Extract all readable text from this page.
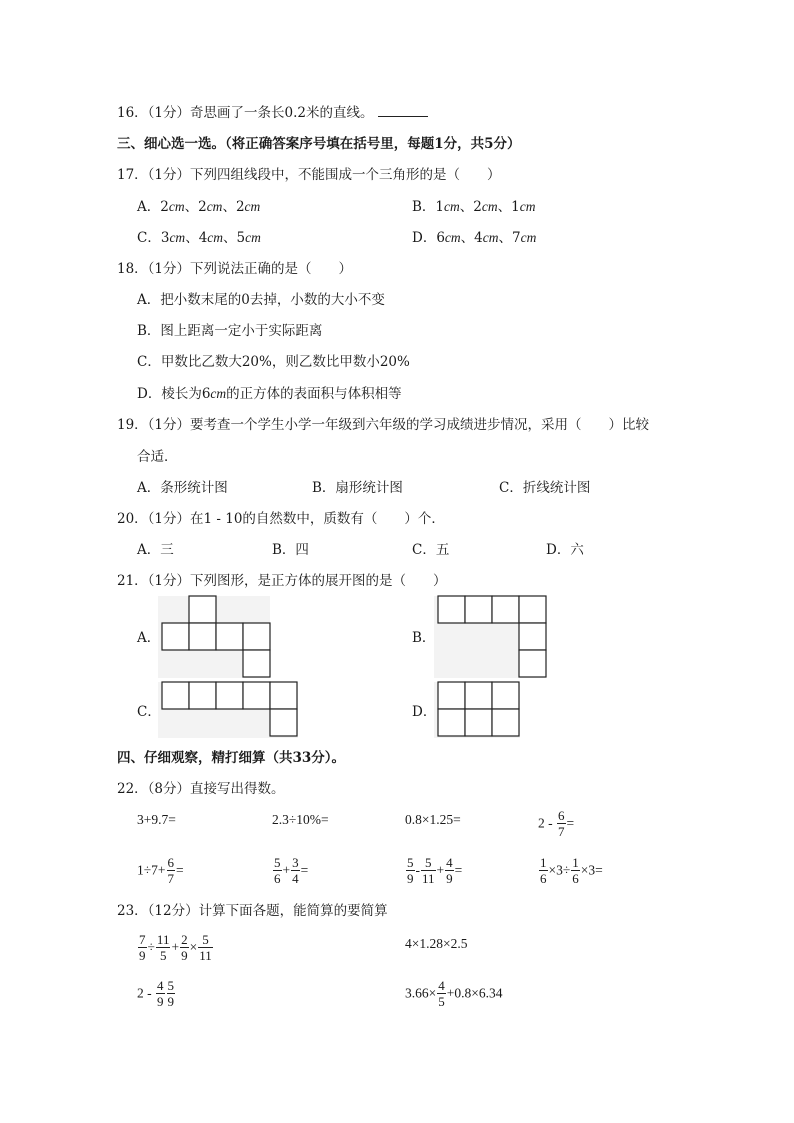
16．（1分）奇思画了一条长0.2米的直线。
三、细心选一选。（将正确答案序号填在括号里，每题1分，共5分）
17．（1分）下列四组线段中，不能围成一个三角形的是（　　）
A．2cm、2cm、2cm	B．1cm、2cm、1cm
C．3cm、4cm、5cm	D．6cm、4cm、7cm
18．（1分）下列说法正确的是（　　）
A．把小数末尾的0去掉，小数的大小不变
B．图上距离一定小于实际距离
C．甲数比乙数大20%，则乙数比甲数小20%
D．棱长为6cm的正方体的表面积与体积相等
19．（1分）要考查一个学生小学一年级到六年级的学习成绩进步情况，采用（　　）比较
合适．
A．条形统计图	B．扇形统计图	C．折线统计图
20．（1分）在1 - 10的自然数中，质数有（　　）个．
A．三	B．四	C．五	D．六
21．（1分）下列图形，是正方体的展开图的是（　　）
A．	B．
C．	D．
四、仔细观察，精打细算（共33分）。
22．（8分）直接写出得数。
3+9.7=	2.3÷10%=	0.8×1.25=	$2 - \frac{6}{7}$ =
$1\div 7+ \frac{6}{7}$ =	$\frac{5}{6} + \frac{3}{4}$ =	$\frac{5}{9} - \frac{5}{11} + \frac{4}{9}$ =	$\frac{1}{6} \times 3\div \frac{1}{6} \times 3=$
23．（12分）计算下面各题，能简算的要简算
$\frac{7}{9} \div \frac{11}{5} + \frac{2}{9} \times \frac{5}{11}$	4×1.28×2.5
$2 - \frac{4}{9} \frac{5}{9}$	$3.66\times \frac{4}{5} +0.8\times 6.34$
